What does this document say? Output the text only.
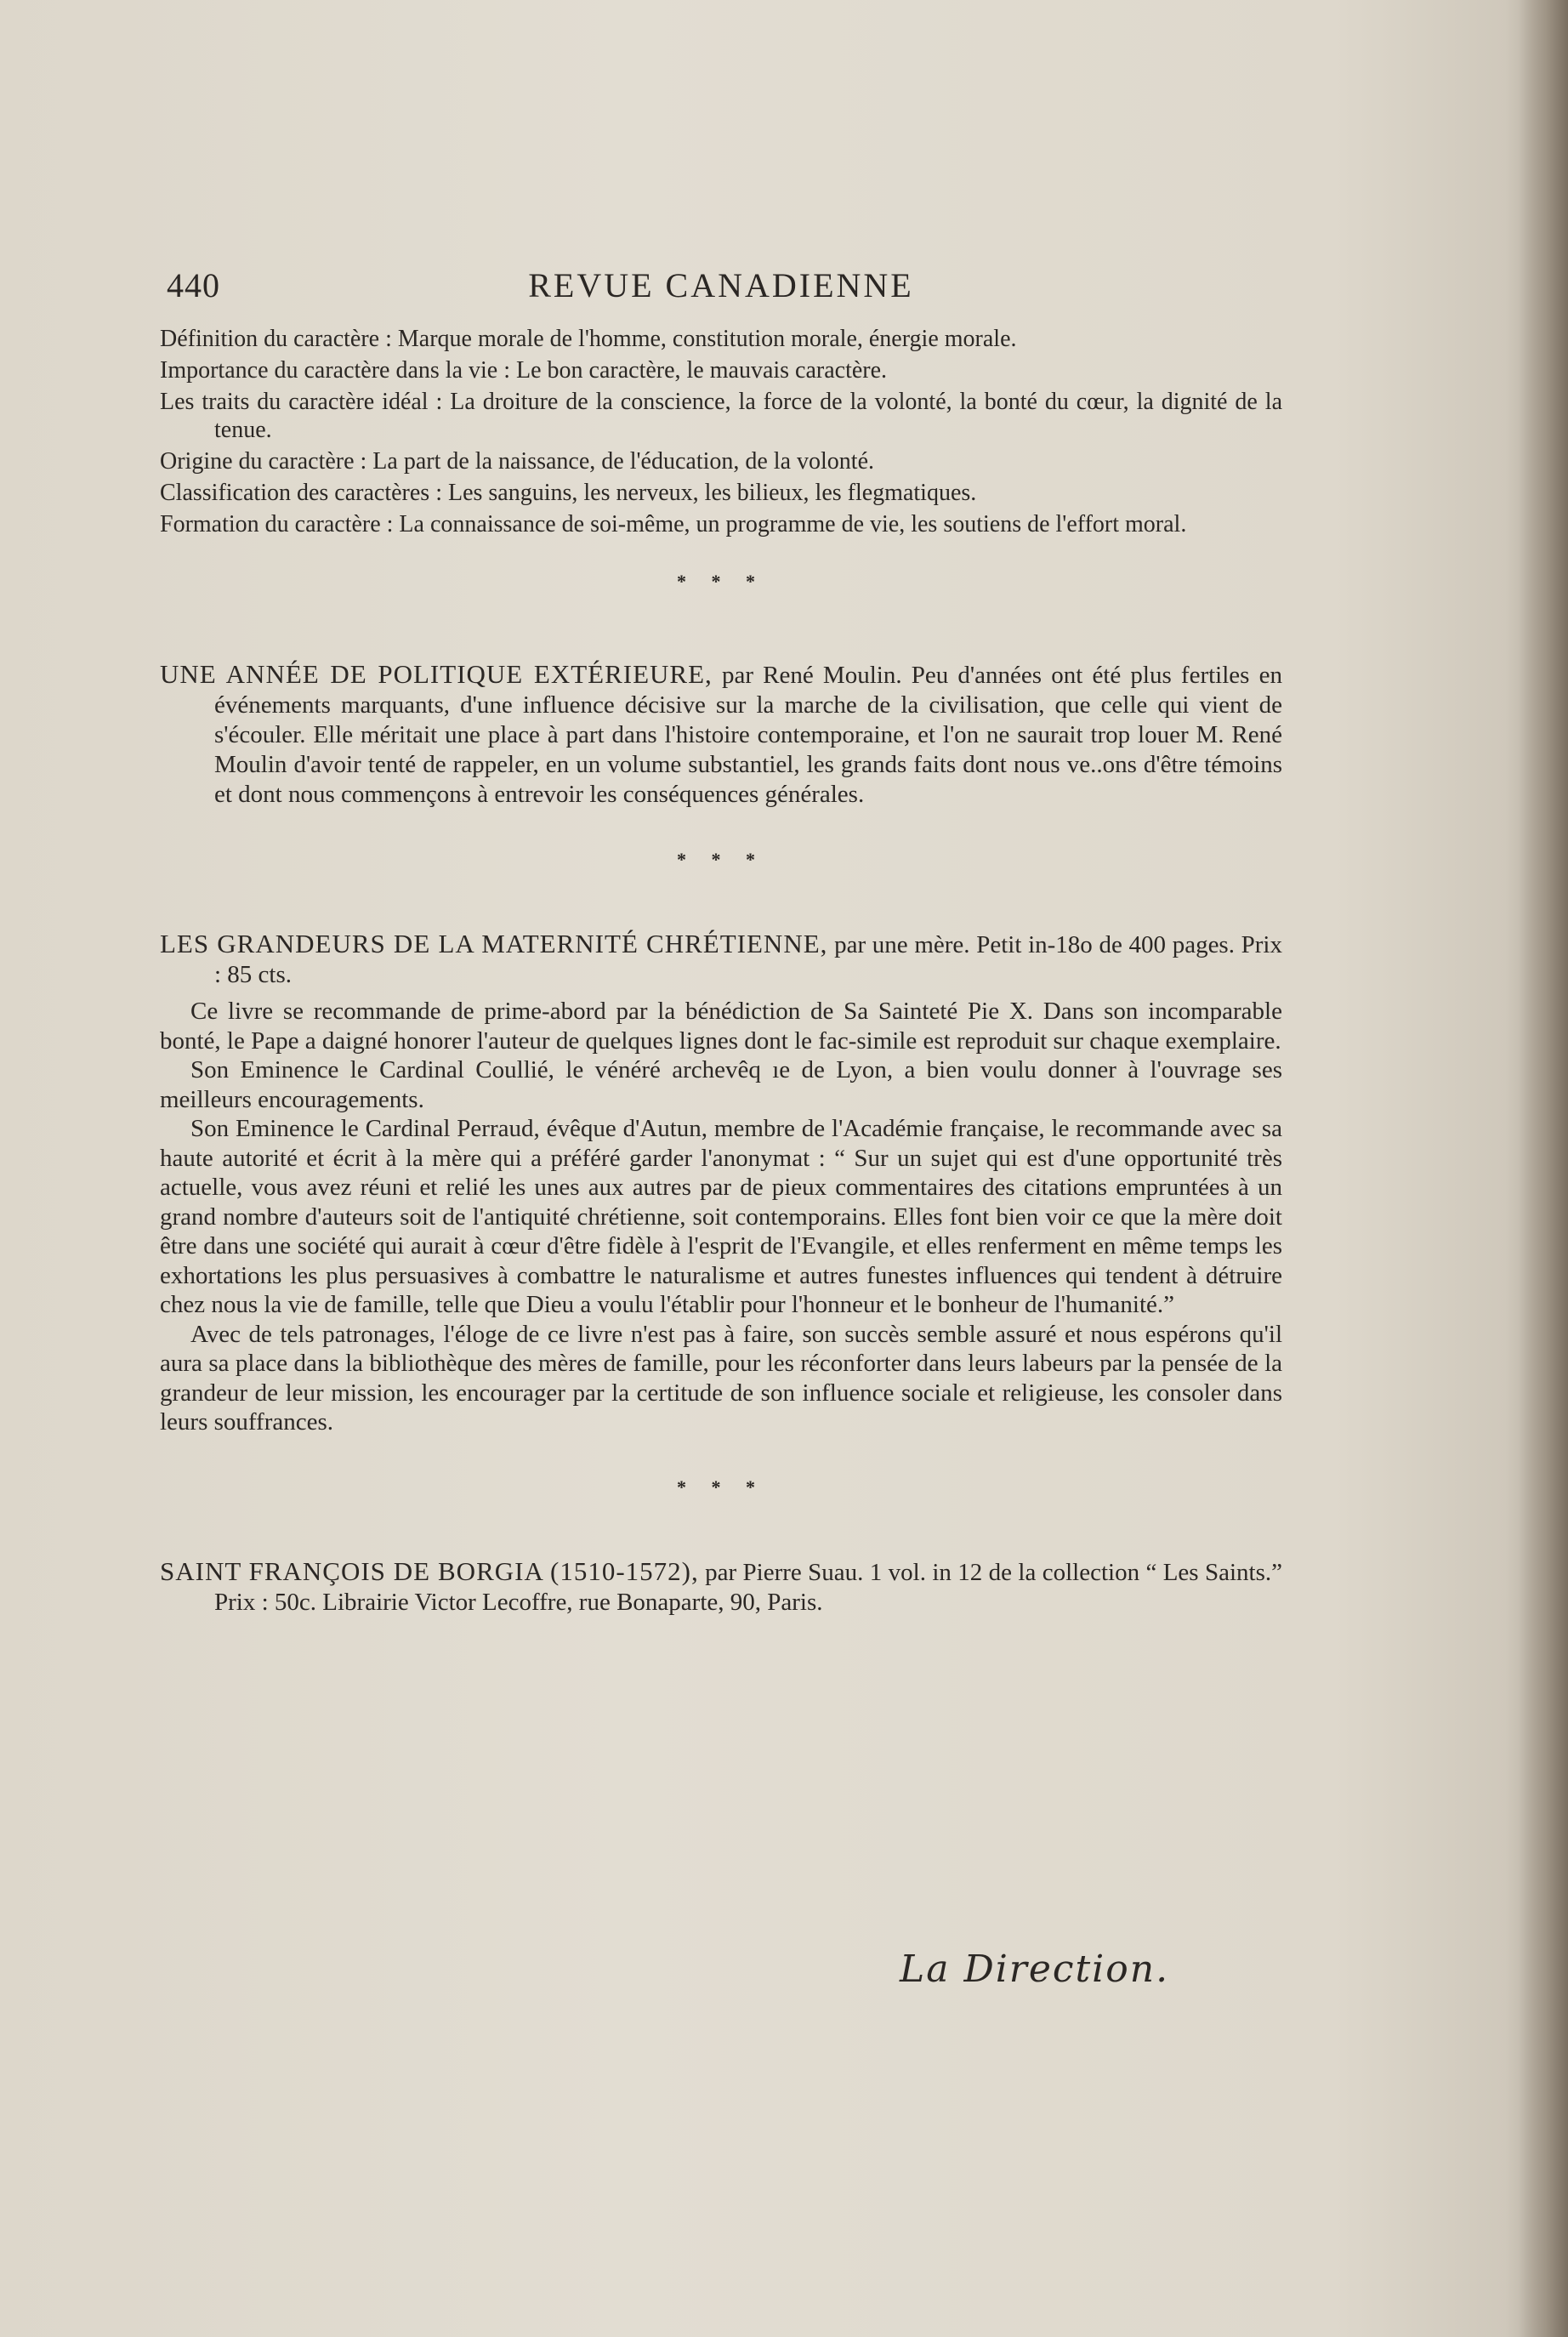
440	REVUE CANADIENNE
Définition du caractère : Marque morale de l'homme, constitution morale, énergie morale.
Importance du caractère dans la vie : Le bon caractère, le mauvais caractère.
Les traits du caractère idéal : La droiture de la conscience, la force de la volonté, la bonté du cœur, la dignité de la tenue.
Origine du caractère : La part de la naissance, de l'éducation, de la volonté.
Classification des caractères : Les sanguins, les nerveux, les bilieux, les flegmatiques.
Formation du caractère : La connaissance de soi-même, un programme de vie, les soutiens de l'effort moral.
* * *
UNE ANNÉE DE POLITIQUE EXTÉRIEURE, par René Moulin. Peu d'années ont été plus fertiles en événements marquants, d'une influence décisive sur la marche de la civilisation, que celle qui vient de s'écouler. Elle méritait une place à part dans l'histoire contemporaine, et l'on ne saurait trop louer M. René Moulin d'avoir tenté de rappeler, en un volume substantiel, les grands faits dont nous ve..ons d'être témoins et dont nous commençons à entrevoir les conséquences générales.
* * *
LES GRANDEURS DE LA MATERNITÉ CHRÉTIENNE, par une mère. Petit in-18o de 400 pages. Prix : 85 cts.
Ce livre se recommande de prime-abord par la bénédiction de Sa Sainteté Pie X. Dans son incomparable bonté, le Pape a daigné honorer l'auteur de quelques lignes dont le fac-simile est reproduit sur chaque exemplaire.
Son Eminence le Cardinal Coullié, le vénéré archevêq ıe de Lyon, a bien voulu donner à l'ouvrage ses meilleurs encouragements.
Son Eminence le Cardinal Perraud, évêque d'Autun, membre de l'Académie française, le recommande avec sa haute autorité et écrit à la mère qui a préféré garder l'anonymat : “ Sur un sujet qui est d'une opportunité très actuelle, vous avez réuni et relié les unes aux autres par de pieux commentaires des citations empruntées à un grand nombre d'auteurs soit de l'antiquité chrétienne, soit contemporains. Elles font bien voir ce que la mère doit être dans une société qui aurait à cœur d'être fidèle à l'esprit de l'Evangile, et elles renferment en même temps les exhortations les plus persuasives à combattre le naturalisme et autres funestes influences qui tendent à détruire chez nous la vie de famille, telle que Dieu a voulu l'établir pour l'honneur et le bonheur de l'humanité.”
Avec de tels patronages, l'éloge de ce livre n'est pas à faire, son succès semble assuré et nous espérons qu'il aura sa place dans la bibliothèque des mères de famille, pour les réconforter dans leurs labeurs par la pensée de la grandeur de leur mission, les encourager par la certitude de son influence sociale et religieuse, les consoler dans leurs souffrances.
* * *
SAINT FRANÇOIS DE BORGIA (1510-1572), par Pierre Suau. 1 vol. in 12 de la collection “ Les Saints.” Prix : 50c. Librairie Victor Lecoffre, rue Bonaparte, 90, Paris.
La Direction.
